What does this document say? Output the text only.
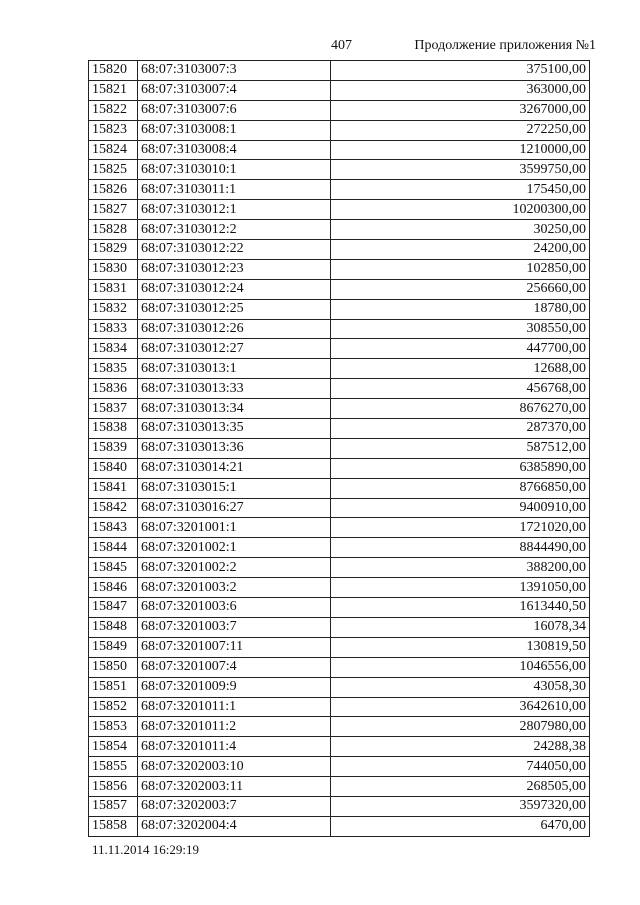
407	Продолжение приложения №1
15820	68:07:3103007:3	375100,00
15821	68:07:3103007:4	363000,00
15822	68:07:3103007:6	3267000,00
15823	68:07:3103008:1	272250,00
15824	68:07:3103008:4	1210000,00
15825	68:07:3103010:1	3599750,00
15826	68:07:3103011:1	175450,00
15827	68:07:3103012:1	10200300,00
15828	68:07:3103012:2	30250,00
15829	68:07:3103012:22	24200,00
15830	68:07:3103012:23	102850,00
15831	68:07:3103012:24	256660,00
15832	68:07:3103012:25	18780,00
15833	68:07:3103012:26	308550,00
15834	68:07:3103012:27	447700,00
15835	68:07:3103013:1	12688,00
15836	68:07:3103013:33	456768,00
15837	68:07:3103013:34	8676270,00
15838	68:07:3103013:35	287370,00
15839	68:07:3103013:36	587512,00
15840	68:07:3103014:21	6385890,00
15841	68:07:3103015:1	8766850,00
15842	68:07:3103016:27	9400910,00
15843	68:07:3201001:1	1721020,00
15844	68:07:3201002:1	8844490,00
15845	68:07:3201002:2	388200,00
15846	68:07:3201003:2	1391050,00
15847	68:07:3201003:6	1613440,50
15848	68:07:3201003:7	16078,34
15849	68:07:3201007:11	130819,50
15850	68:07:3201007:4	1046556,00
15851	68:07:3201009:9	43058,30
15852	68:07:3201011:1	3642610,00
15853	68:07:3201011:2	2807980,00
15854	68:07:3201011:4	24288,38
15855	68:07:3202003:10	744050,00
15856	68:07:3202003:11	268505,00
15857	68:07:3202003:7	3597320,00
15858	68:07:3202004:4	6470,00
11.11.2014 16:29:19
